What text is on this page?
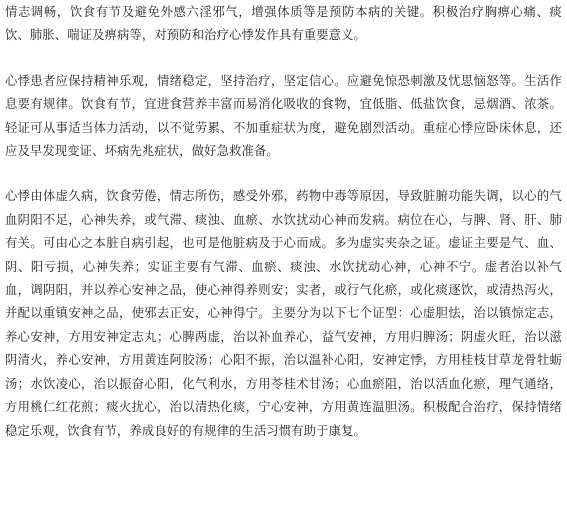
情志调畅，饮食有节及避免外感六淫邪气，增强体质等是预防本病的关键。积极治疗胸痹心痛、痰饮、肺胀、喘证及痹病等，对预防和治疗心悸发作具有重要意义。

心悸患者应保持精神乐观，情绪稳定，坚持治疗，坚定信心。应避免惊恐刺激及忧思恼怒等。生活作息要有规律。饮食有节，宜进食营养丰富而易消化吸收的食物，宜低脂、低盐饮食，忌烟酒、浓茶。轻证可从事适当体力活动，以不觉劳累、不加重症状为度，避免剧烈活动。重症心悸应卧床休息，还应及早发现变证、坏病先兆症状，做好急救准备。

心悸由体虚久病，饮食劳倦，情志所伤，感受外邪，药物中毒等原因，导致脏腑功能失调，以心的气血阴阳不足，心神失养，或气滞、痰浊、血瘀、水饮扰动心神而发病。病位在心，与脾、肾、肝、肺有关。可由心之本脏自病引起，也可是他脏病及于心而成。多为虚实夹杂之证。虚证主要是气、血、阴、阳亏损，心神失养；实证主要有气滞、血瘀、痰浊、水饮扰动心神，心神不宁。虚者治以补气血，调阴阳，并以养心安神之品，使心神得养则安；实者，或行气化瘀，或化痰逐饮，或清热泻火，并配以重镇安神之品，使邪去正安，心神得宁。主要分为以下七个证型：心虚胆怯，治以镇惊定志，养心安神，方用安神定志丸；心脾两虚，治以补血养心，益气安神，方用归脾汤；阴虚火旺，治以滋阴清火，养心安神，方用黄连阿胶汤；心阳不振，治以温补心阳，安神定悸，方用桂枝甘草龙骨牡蛎汤；水饮凌心，治以振奋心阳，化气利水，方用苓桂术甘汤；心血瘀阻，治以活血化瘀，理气通络，方用桃仁红花煎；痰火扰心，治以清热化痰，宁心安神，方用黄连温胆汤。积极配合治疗，保持情绪稳定乐观，饮食有节，养成良好的有规律的生活习惯有助于康复。
